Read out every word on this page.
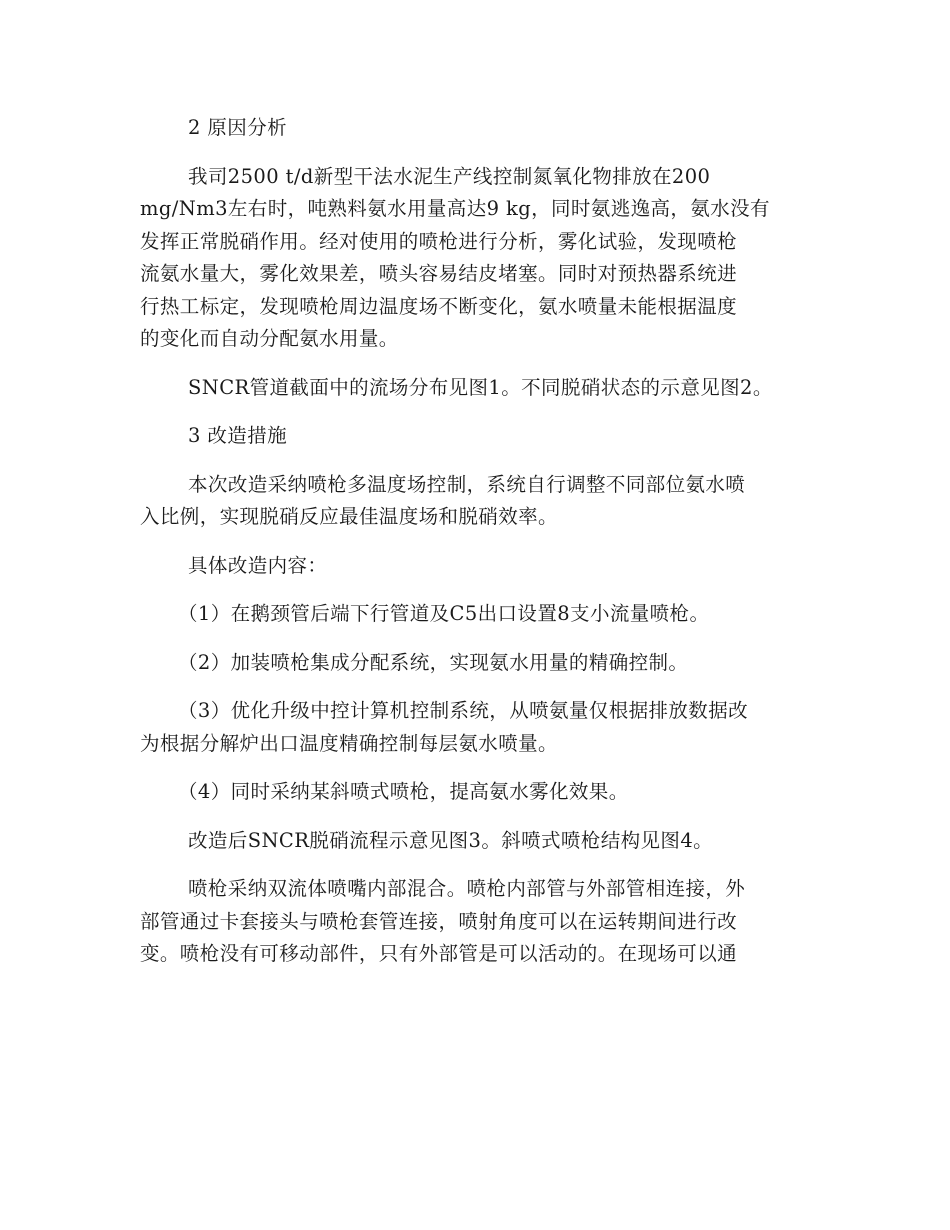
2 原因分析

我司2500 t/d新型干法水泥生产线控制氮氧化物排放在200
mg/Nm3左右时，吨熟料氨水用量高达9 kg，同时氨逃逸高，氨水没有
发挥正常脱硝作用。经对使用的喷枪进行分析，雾化试验，发现喷枪
流氨水量大，雾化效果差，喷头容易结皮堵塞。同时对预热器系统进
行热工标定，发现喷枪周边温度场不断变化，氨水喷量未能根据温度
的变化而自动分配氨水用量。

SNCR管道截面中的流场分布见图1。不同脱硝状态的示意见图2。

3 改造措施

本次改造采纳喷枪多温度场控制，系统自行调整不同部位氨水喷
入比例，实现脱硝反应最佳温度场和脱硝效率。

具体改造内容：

（1）在鹅颈管后端下行管道及C5出口设置8支小流量喷枪。

（2）加装喷枪集成分配系统，实现氨水用量的精确控制。

（3）优化升级中控计算机控制系统，从喷氨量仅根据排放数据改
为根据分解炉出口温度精确控制每层氨水喷量。

（4）同时采纳某斜喷式喷枪，提高氨水雾化效果。

改造后SNCR脱硝流程示意见图3。斜喷式喷枪结构见图4。

喷枪采纳双流体喷嘴内部混合。喷枪内部管与外部管相连接，外
部管通过卡套接头与喷枪套管连接，喷射角度可以在运转期间进行改
变。喷枪没有可移动部件，只有外部管是可以活动的。在现场可以通
